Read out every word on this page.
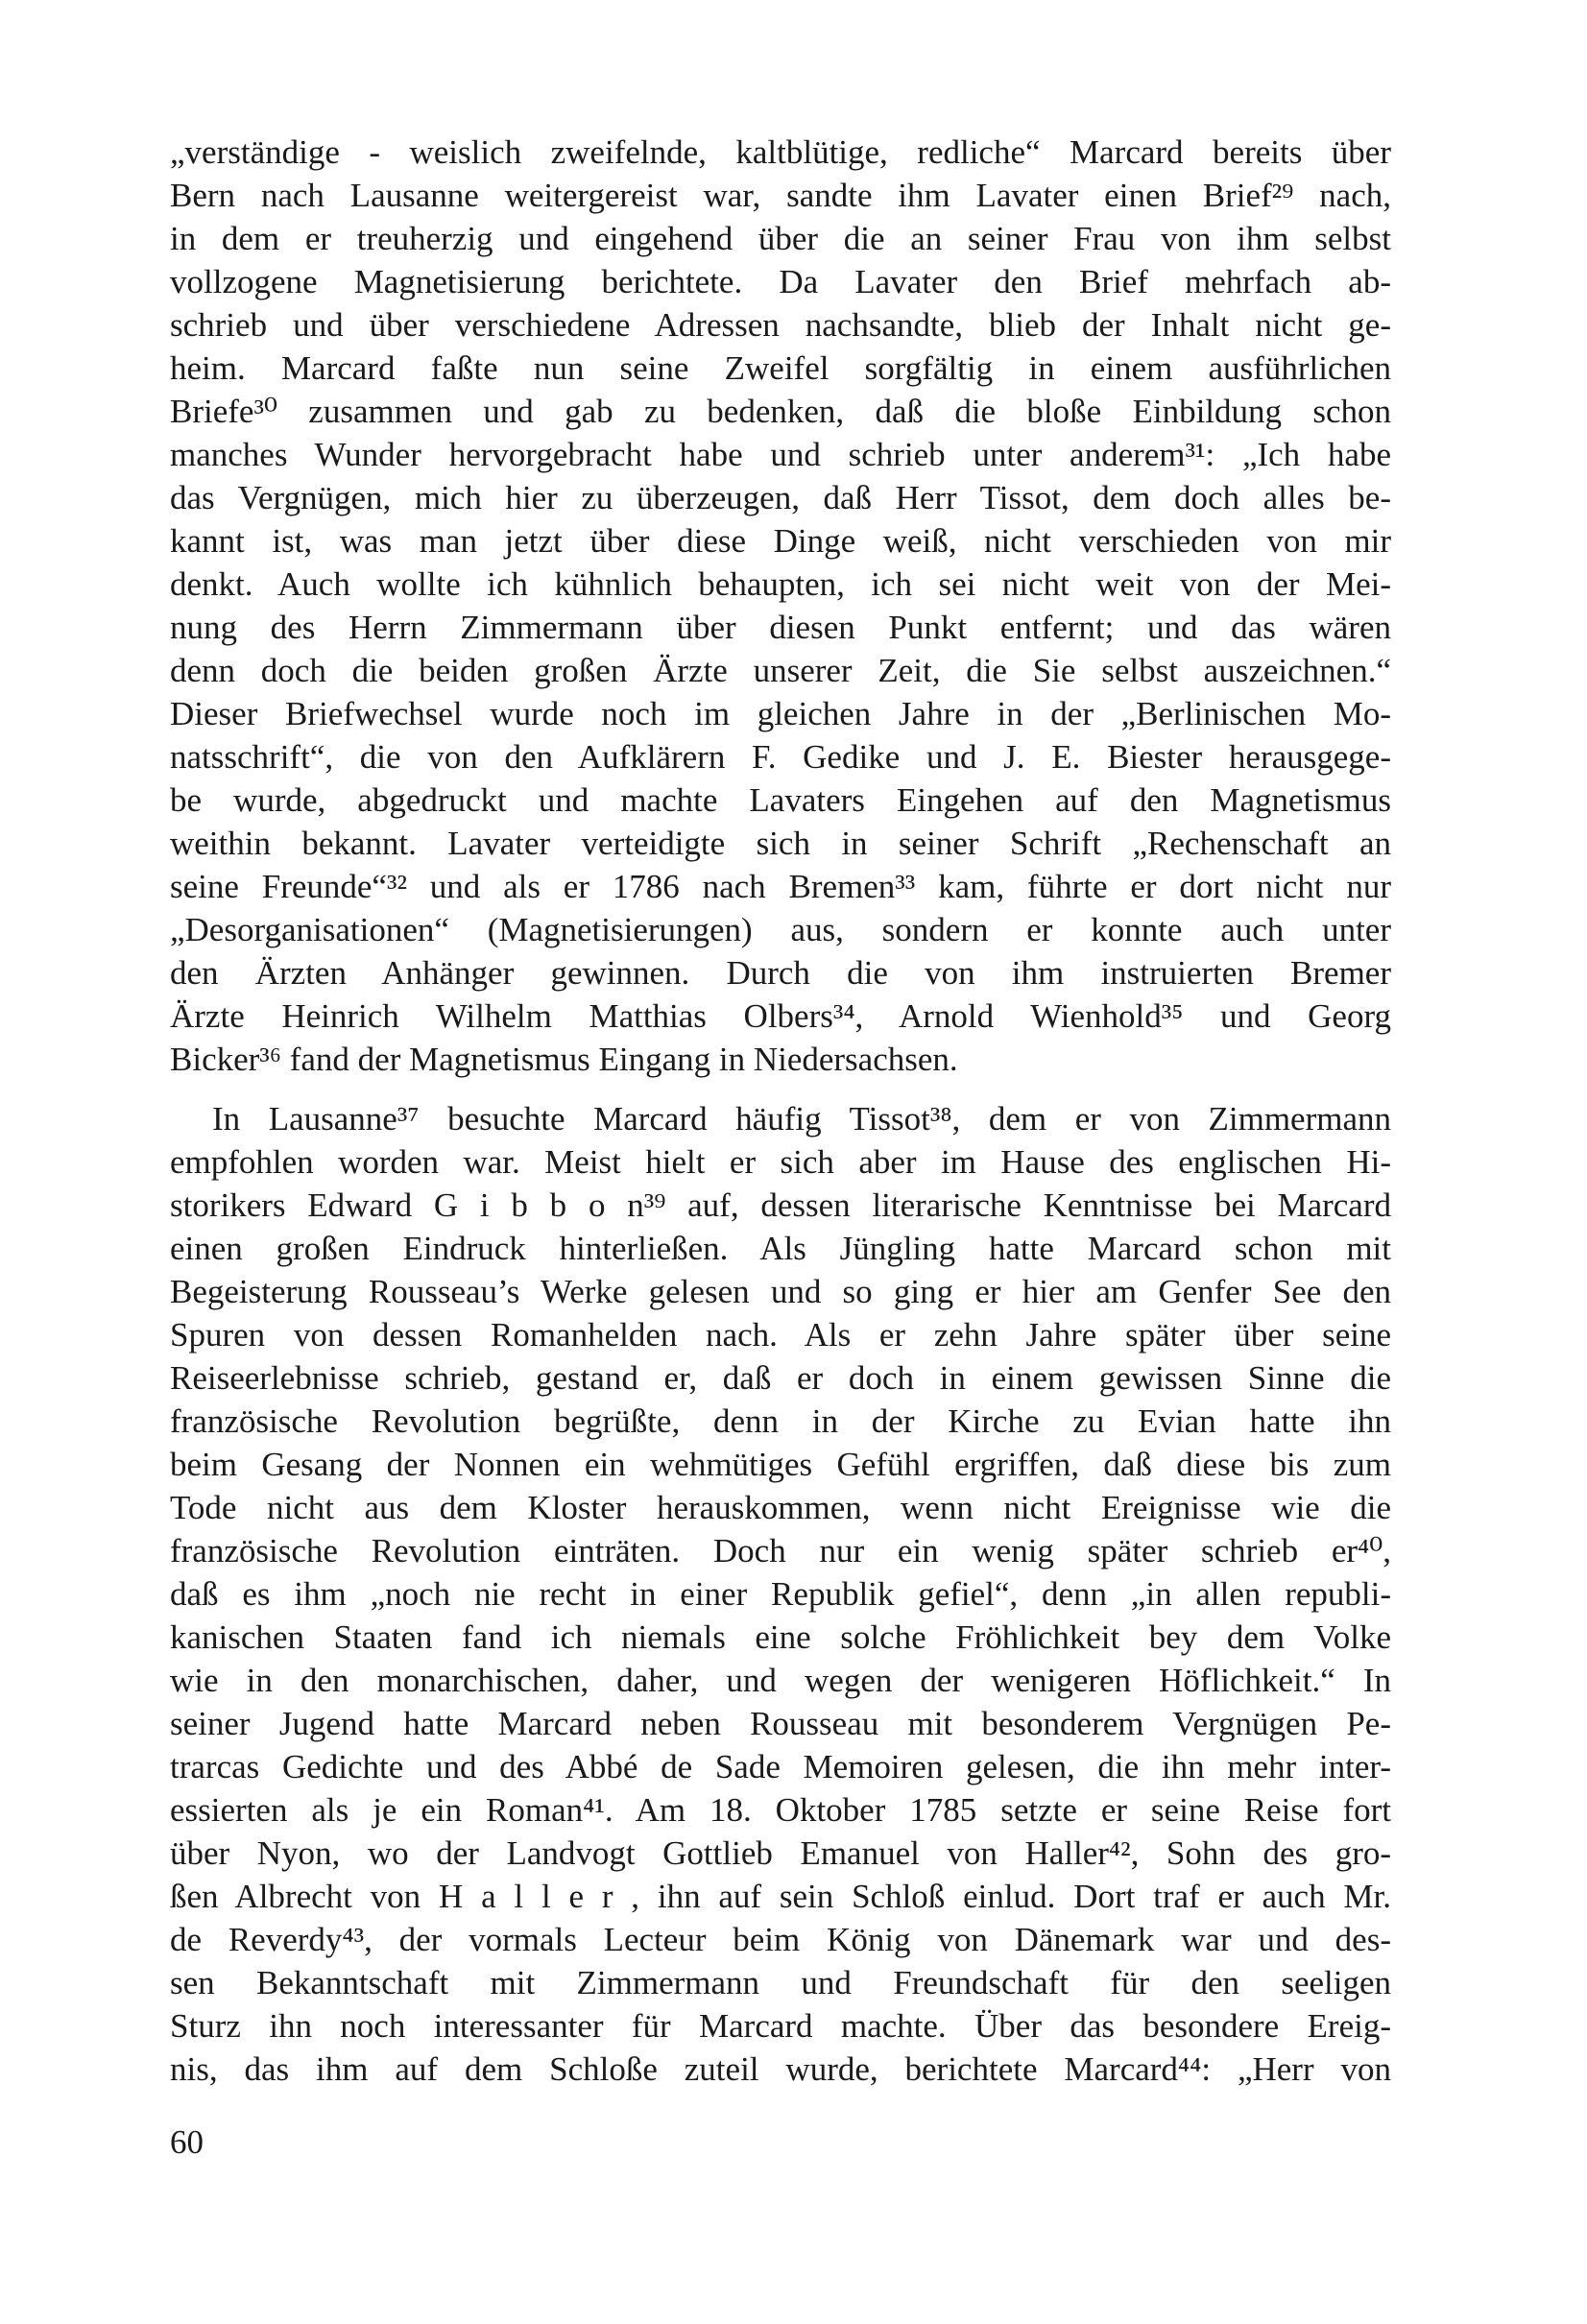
„verständige - weislich zweifelnde, kaltblütige, redliche“ Marcard bereits über
Bern nach Lausanne weitergereist war, sandte ihm Lavater einen Brief²⁹ nach,
in dem er treuherzig und eingehend über die an seiner Frau von ihm selbst
vollzogene Magnetisierung berichtete. Da Lavater den Brief mehrfach ab-
schrieb und über verschiedene Adressen nachsandte, blieb der Inhalt nicht ge-
heim. Marcard faßte nun seine Zweifel sorgfältig in einem ausführlichen
Briefe³⁰ zusammen und gab zu bedenken, daß die bloße Einbildung schon
manches Wunder hervorgebracht habe und schrieb unter anderem³¹: „Ich habe
das Vergnügen, mich hier zu überzeugen, daß Herr Tissot, dem doch alles be-
kannt ist, was man jetzt über diese Dinge weiß, nicht verschieden von mir
denkt. Auch wollte ich kühnlich behaupten, ich sei nicht weit von der Mei-
nung des Herrn Zimmermann über diesen Punkt entfernt; und das wären
denn doch die beiden großen Ärzte unserer Zeit, die Sie selbst auszeichnen.“
Dieser Briefwechsel wurde noch im gleichen Jahre in der „Berlinischen Mo-
natsschrift“, die von den Aufklärern F. Gedike und J. E. Biester herausgege-
be wurde, abgedruckt und machte Lavaters Eingehen auf den Magnetismus
weithin bekannt. Lavater verteidigte sich in seiner Schrift „Rechenschaft an
seine Freunde“³² und als er 1786 nach Bremen³³ kam, führte er dort nicht nur
„Desorganisationen“ (Magnetisierungen) aus, sondern er konnte auch unter
den Ärzten Anhänger gewinnen. Durch die von ihm instruierten Bremer
Ärzte Heinrich Wilhelm Matthias Olbers³⁴, Arnold Wienhold³⁵ und Georg
Bicker³⁶ fand der Magnetismus Eingang in Niedersachsen.
In Lausanne³⁷ besuchte Marcard häufig Tissot³⁸, dem er von Zimmermann
empfohlen worden war. Meist hielt er sich aber im Hause des englischen Hi-
storikers Edward G i b b o n³⁹ auf, dessen literarische Kenntnisse bei Marcard
einen großen Eindruck hinterließen. Als Jüngling hatte Marcard schon mit
Begeisterung Rousseau’s Werke gelesen und so ging er hier am Genfer See den
Spuren von dessen Romanhelden nach. Als er zehn Jahre später über seine
Reiseerlebnisse schrieb, gestand er, daß er doch in einem gewissen Sinne die
französische Revolution begrüßte, denn in der Kirche zu Evian hatte ihn
beim Gesang der Nonnen ein wehmütiges Gefühl ergriffen, daß diese bis zum
Tode nicht aus dem Kloster herauskommen, wenn nicht Ereignisse wie die
französische Revolution einträten. Doch nur ein wenig später schrieb er⁴⁰,
daß es ihm „noch nie recht in einer Republik gefiel“, denn „in allen republi-
kanischen Staaten fand ich niemals eine solche Fröhlichkeit bey dem Volke
wie in den monarchischen, daher, und wegen der wenigeren Höflichkeit.“ In
seiner Jugend hatte Marcard neben Rousseau mit besonderem Vergnügen Pe-
trarcas Gedichte und des Abbé de Sade Memoiren gelesen, die ihn mehr inter-
essierten als je ein Roman⁴¹. Am 18. Oktober 1785 setzte er seine Reise fort
über Nyon, wo der Landvogt Gottlieb Emanuel von Haller⁴², Sohn des gro-
ßen Albrecht von H a l l e r , ihn auf sein Schloß einlud. Dort traf er auch Mr.
de Reverdy⁴³, der vormals Lecteur beim König von Dänemark war und des-
sen Bekanntschaft mit Zimmermann und Freundschaft für den seeligen
Sturz ihn noch interessanter für Marcard machte. Über das besondere Ereig-
nis, das ihm auf dem Schloße zuteil wurde, berichtete Marcard⁴⁴: „Herr von
60
